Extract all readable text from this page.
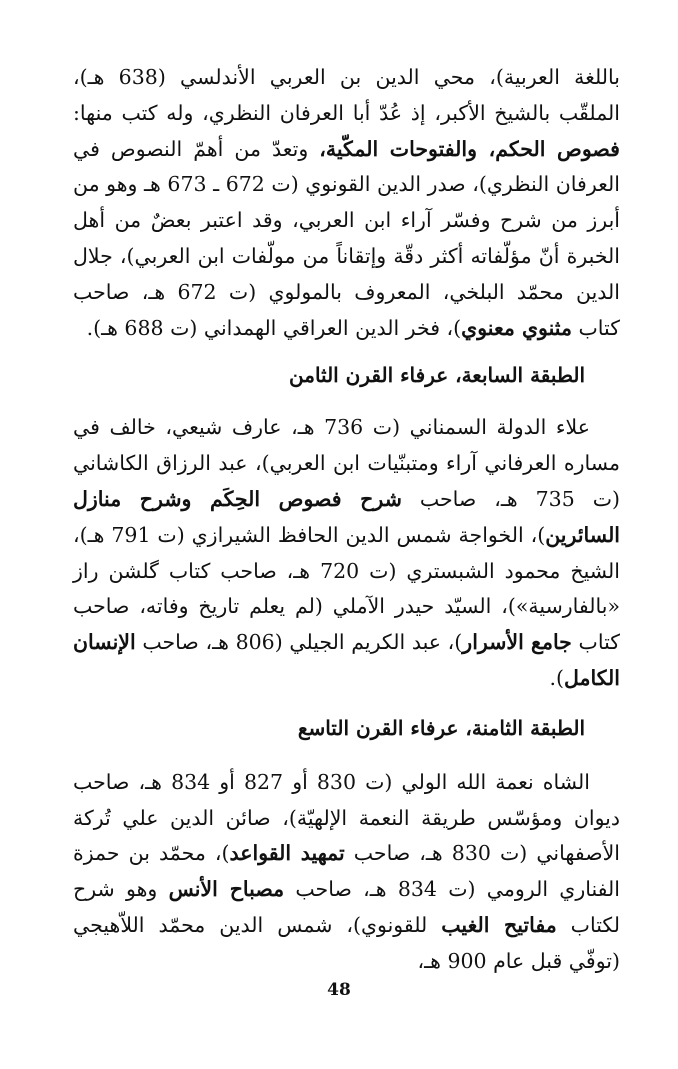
باللغة العربية)، محي الدين بن العربي الأندلسي (638 هـ)، الملقّب بالشيخ الأكبر، إذ عُدّ أبا العرفان النظري، وله كتب منها: فصوص الحكم، والفتوحات المكّية، وتعدّ من أهمّ النصوص في العرفان النظري)، صدر الدين القونوي (ت 672 ـ 673 هـ وهو من أبرز من شرح وفسّر آراء ابن العربي، وقد اعتبر بعضٌ من أهل الخبرة أنّ مؤلّفاته أكثر دقّة وإتقاناً من مولّفات ابن العربي)، جلال الدين محمّد البلخي، المعروف بالمولوي (ت 672 هـ، صاحب كتاب مثنوي معنوي)، فخر الدين العراقي الهمداني (ت 688 هـ).

الطبقة السابعة، عرفاء القرن الثامن

علاء الدولة السمناني (ت 736 هـ، عارف شيعي، خالف في مساره العرفاني آراء ومتبنّيات ابن العربي)، عبد الرزاق الكاشاني (ت 735 هـ، صاحب شرح فصوص الحِكَم وشرح منازل السائرين)، الخواجة شمس الدين الحافظ الشيرازي (ت 791 هـ)، الشيخ محمود الشبستري (ت 720 هـ، صاحب كتاب گلشن راز «بالفارسية»)، السيّد حيدر الآملي (لم يعلم تاريخ وفاته، صاحب كتاب جامع الأسرار)، عبد الكريم الجيلي (806 هـ، صاحب الإنسان الكامل).

الطبقة الثامنة، عرفاء القرن التاسع

الشاه نعمة الله الولي (ت 830 أو 827 أو 834 هـ، صاحب ديوان ومؤسّس طريقة النعمة الإلهيّة)، صائن الدين علي تُركة الأصفهاني (ت 830 هـ، صاحب تمهيد القواعد)، محمّد بن حمزة الفناري الرومي (ت 834 هـ، صاحب مصباح الأنس وهو شرح لكتاب مفاتيح الغيب للقونوي)، شمس الدين محمّد اللاّهيجي (توفّي قبل عام 900 هـ،

48
